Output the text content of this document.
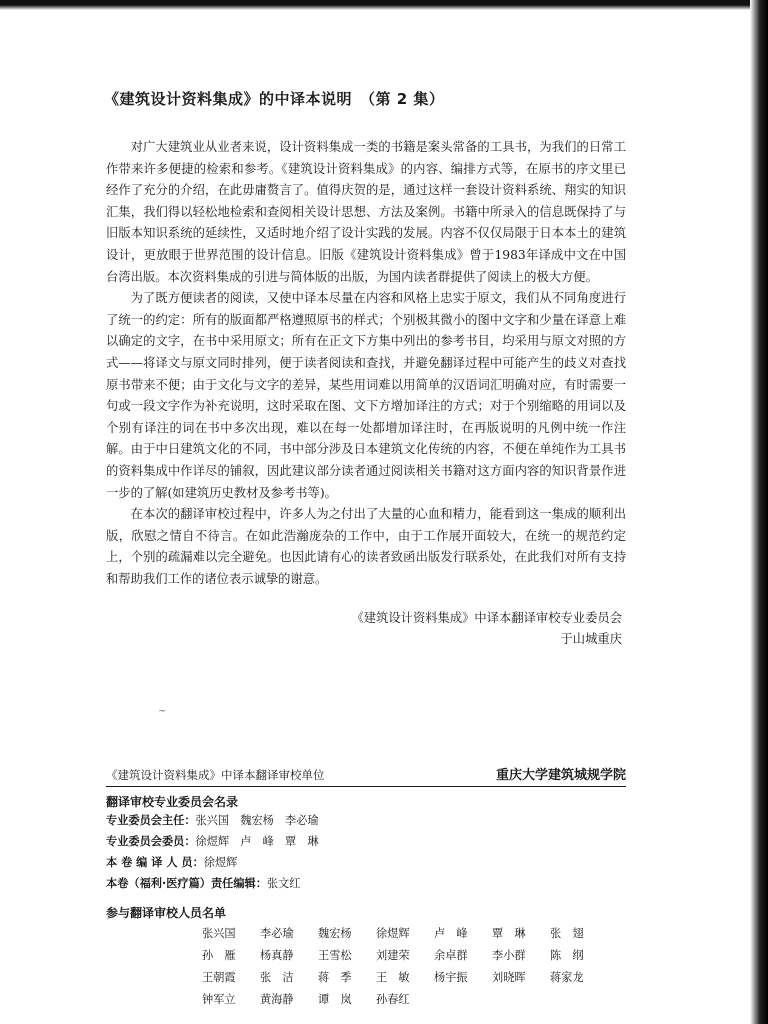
《建筑设计资料集成》的中译本说明　（第 2 集）

对广大建筑业从业者来说，设计资料集成一类的书籍是案头常备的工具书，为我们的日常工作带来许多便捷的检索和参考。《建筑设计资料集成》的内容、编排方式等，在原书的序文里已经作了充分的介绍，在此毋庸赘言了。值得庆贺的是，通过这样一套设计资料系统、翔实的知识汇集，我们得以轻松地检索和查阅相关设计思想、方法及案例。书籍中所录入的信息既保持了与旧版本知识系统的延续性，又适时地介绍了设计实践的发展。内容不仅仅局限于日本本土的建筑设计，更放眼于世界范围的设计信息。旧版《建筑设计资料集成》曾于1983年译成中文在中国台湾出版。本次资料集成的引进与简体版的出版，为国内读者群提供了阅读上的极大方便。

为了既方便读者的阅读，又使中译本尽量在内容和风格上忠实于原文，我们从不同角度进行了统一的约定：所有的版面都严格遵照原书的样式；个别极其微小的图中文字和少量在译意上难以确定的文字，在书中采用原文；所有在正文下方集中列出的参考书目，均采用与原文对照的方式——将译文与原文同时排列，便于读者阅读和查找，并避免翻译过程中可能产生的歧义对查找原书带来不便；由于文化与文字的差异，某些用词难以用简单的汉语词汇明确对应，有时需要一句或一段文字作为补充说明，这时采取在图、文下方增加译注的方式；对于个别缩略的用词以及个别有译注的词在书中多次出现，难以在每一处都增加译注时，在再版说明的凡例中统一作注解。由于中日建筑文化的不同，书中部分涉及日本建筑文化传统的内容，不便在单纯作为工具书的资料集成中作详尽的铺叙，因此建议部分读者通过阅读相关书籍对这方面内容的知识背景作进一步的了解(如建筑历史教材及参考书等)。

在本次的翻译审校过程中，许多人为之付出了大量的心血和精力，能看到这一集成的顺利出版，欣慰之情自不待言。在如此浩瀚庞杂的工作中，由于工作展开面较大，在统一的规范约定上，个别的疏漏难以完全避免。也因此请有心的读者致函出版发行联系处，在此我们对所有支持和帮助我们工作的诸位表示诚挚的谢意。

《建筑设计资料集成》中译本翻译审校专业委员会
于山城重庆
~
《建筑设计资料集成》中译本翻译审校单位	重庆大学建筑城规学院
翻译审校专业委员会名录
专业委员会主任：张兴国　魏宏杨　李必瑜
专业委员会委员：徐煜辉　卢　峰　覃　琳
本 卷 编 译 人 员：徐煜辉
本卷（福利·医疗篇）责任编辑：张文红
参与翻译审校人员名单
张兴国	李必瑜	魏宏杨	徐煜辉	卢　峰	覃　琳	张　翅
孙　雁	杨真静	王雪松	刘建荣	余卓群	李小群	陈　纲
王朝霞	张　洁	蒋　季	王　敏	杨宇振	刘晓晖	蒋家龙
钟军立	黄海静	谭　岚	孙春红
